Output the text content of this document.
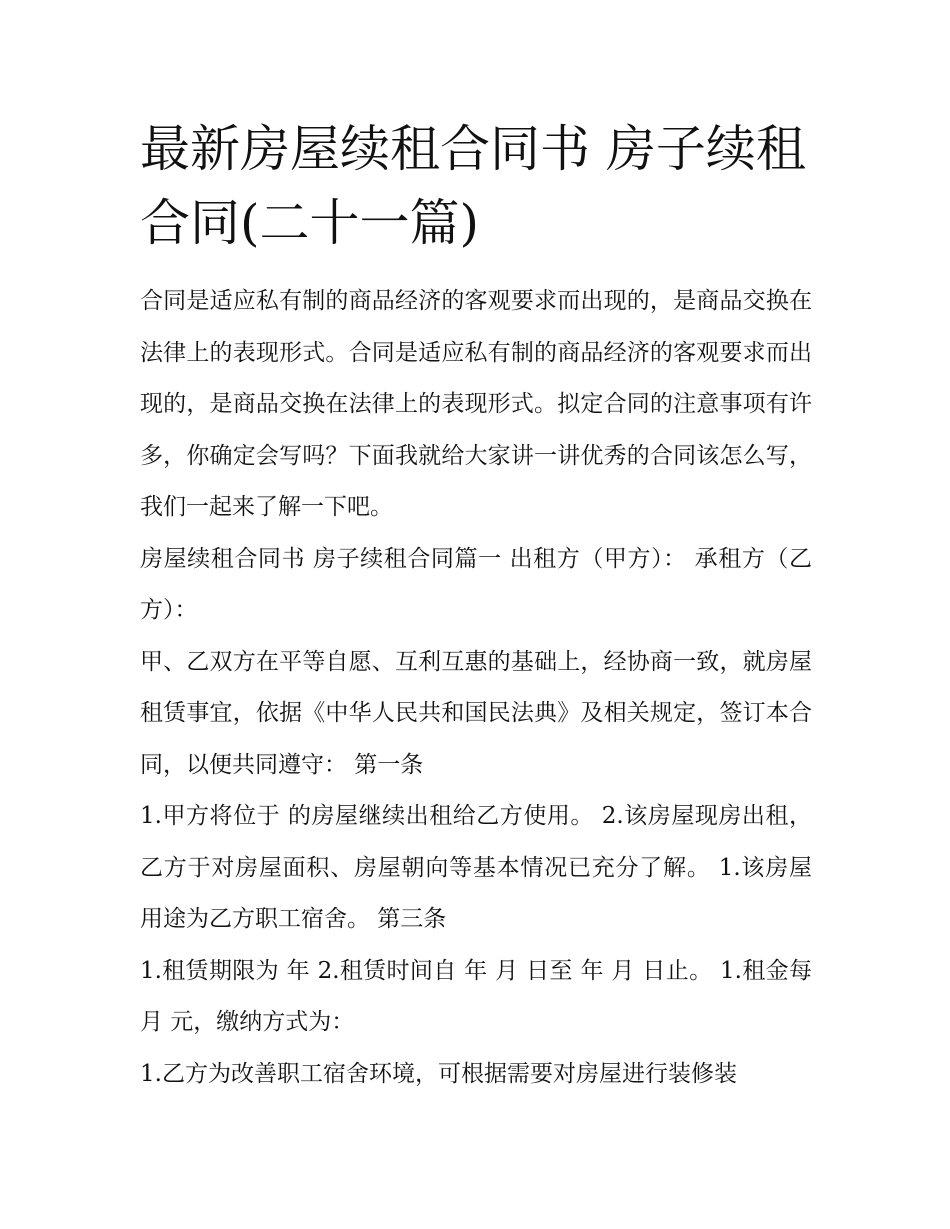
最新房屋续租合同书 房子续租合同(二十一篇)

合同是适应私有制的商品经济的客观要求而出现的，是商品交换在法律上的表现形式。合同是适应私有制的商品经济的客观要求而出现的，是商品交换在法律上的表现形式。拟定合同的注意事项有许多，你确定会写吗？下面我就给大家讲一讲优秀的合同该怎么写，我们一起来了解一下吧。

房屋续租合同书 房子续租合同篇一 出租方（甲方）： 承租方（乙方）：

甲、乙双方在平等自愿、互利互惠的基础上，经协商一致，就房屋租赁事宜，依据《中华人民共和国民法典》及相关规定，签订本合同，以便共同遵守： 第一条

1.甲方将位于 的房屋继续出租给乙方使用。 2.该房屋现房出租，乙方于对房屋面积、房屋朝向等基本情况已充分了解。 1.该房屋用途为乙方职工宿舍。 第三条

1.租赁期限为 年 2.租赁时间自 年 月 日至 年 月 日止。 1.租金每月 元，缴纳方式为：

1.乙方为改善职工宿舍环境，可根据需要对房屋进行装修装
